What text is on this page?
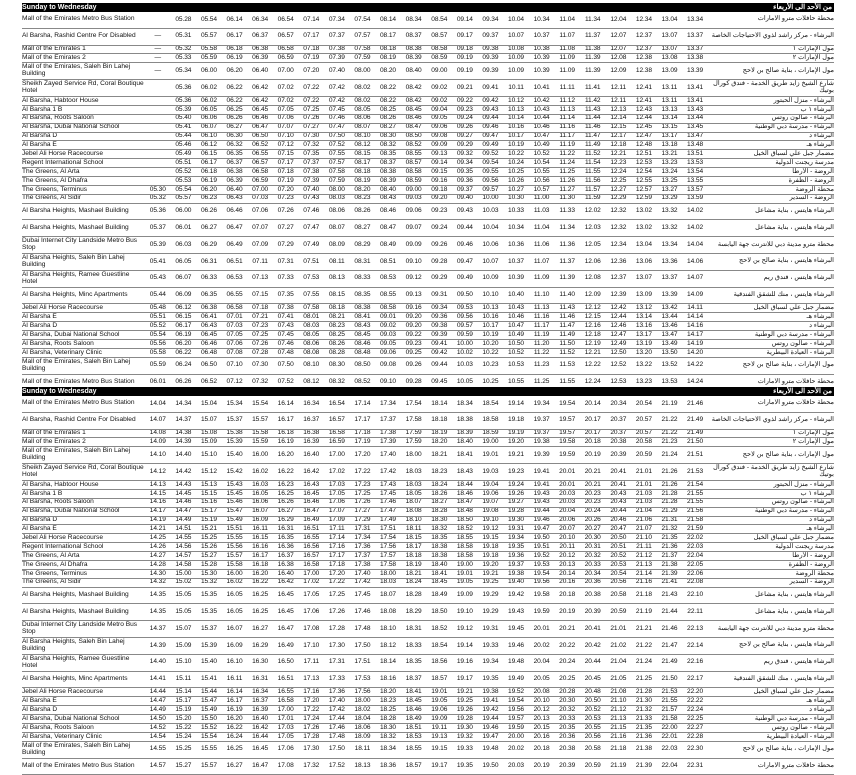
Sunday to Wednesday												من الأحد الى الأربعاء											
Mall of the Emirates Metro Bus Station		05.28	05.54	06.14	06.34	06.54	07.14	07.34	07.54	08.14	08.34	08.54	09.14	09.34	10.04	10.34	11.04	11.34	12.04	12.34	13.04	13.34	محطة حافلات مترو الامارات
Al Barsha, Rashid Centre For Disabled	—	05.31	05.57	06.17	06.37	06.57	07.17	07.37	07.57	08.17	08.37	08.57	09.17	09.37	10.07	10.37	11.07	11.37	12.07	12.37	13.07	13.37	البرشاء - مركز راشد لذوي الاحتياجات الخاصة
Mall of the Emirates 1	—	05.32	05.58	06.18	06.38	06.58	07.18	07.38	07.58	08.18	08.38	08.58	09.18	09.38	10.08	10.38	11.08	11.38	12.07	12.37	13.07	13.37	مول الإمارات ١
Mall of the Emirates 2	—	05.33	05.59	06.19	06.39	06.59	07.19	07.39	07.59	08.19	08.39	08.59	09.19	09.39	10.09	10.39	11.09	11.39	12.08	12.38	13.08	13.38	مول الإمارات ٢
Mall of the Emirates, Saleh Bin Lahej Building	—	05.34	06.00	06.20	06.40	07.00	07.20	07.40	08.00	08.20	08.40	09.00	09.19	09.39	10.09	10.39	11.09	11.39	12.09	12.38	13.09	13.39	مول الإمارات ، بناية صالح بن لاحج
Sheikh Zayed Service Rd, Coral Boutique Hotel		05.36	06.02	06.22	06.42	07.02	07.22	07.42	08.02	08.22	08.42	09.02	09.21	09.41	10.11	10.41	11.11	11.41	12.11	12.41	13.11	13.41	شارع الشيخ زايد طريق الخدمة - فندق كورال بوتيك
Al Barsha, Habtoor House		05.36	06.02	06.22	06.42	07.02	07.22	07.42	08.02	08.22	08.42	09.02	09.22	09.42	10.12	10.42	11.12	11.42	12.11	12.41	13.11	13.41	البرشاء - منزل الحبتور
Al Barsha 1 B		05.39	06.05	06.25	06.45	07.05	07.25	07.45	08.05	08.25	08.45	09.04	09.23	09.43	10.13	10.43	11.13	11.43	12.13	12.43	13.13	13.43	البرشاء ١ ب
Al Barsha, Roots Saloon		05.40	06.06	06.26	06.46	07.06	07.26	07.46	08.06	08.26	08.46	09.05	09.24	09.44	10.14	10.44	11.14	11.44	12.14	12.44	13.14	13.44	البرشاء - صالون روتس
Al Barsha, Dubai National School		05.41	06.07	06.27	06.47	07.07	07.27	07.47	08.07	08.27	08.47	09.06	09.26	09.46	10.16	10.46	11.16	11.46	12.15	12.45	13.15	13.45	البرشاء - مدرسة دبي الوطنية
Al Barsha D		05.44	06.10	06.30	06.50	07.10	07.30	07.50	08.10	08.30	08.50	09.08	09.27	09.47	10.17	10.47	11.17	11.47	12.17	12.47	13.17	13.47	البرشاء د
Al Barsha E		05.46	06.12	06.32	06.52	07.12	07.32	07.52	08.12	08.32	08.52	09.09	09.29	09.49	10.19	10.49	11.19	11.49	12.18	12.48	13.18	13.48	البرشاء هـ
Jebel Ali Horse Racecourse		05.49	06.15	06.35	06.55	07.15	07.35	07.55	08.15	08.35	08.55	09.13	09.32	09.52	10.22	10.52	11.22	11.52	12.21	12.51	13.21	13.51	مضمار جبل علي لسباق الخيل
Regent International School		05.51	06.17	06.37	06.57	07.17	07.37	07.57	08.17	08.37	08.57	09.14	09.34	09.54	10.24	10.54	11.24	11.54	12.23	12.53	13.23	13.53	مدرسة ريجنت الدولية
The Greens, Al Arta		05.52	06.18	06.38	06.58	07.18	07.38	07.58	08.18	08.38	08.58	09.15	09.35	09.55	10.25	10.55	11.25	11.55	12.24	12.54	13.24	13.54	الروضة - الأرطا
The Greens, Al Dhafra		05.53	06.19	06.39	06.59	07.19	07.39	07.59	08.19	08.39	08.59	09.16	09.36	09.56	10.26	10.56	11.26	11.56	12.25	12.55	13.25	13.55	الروضة - الظفرة
The Greens, Terminus	05.30	05.54	06.20	06.40	07.00	07.20	07.40	08.00	08.20	08.40	09.00	09.18	09.37	09.57	10.27	10.57	11.27	11.57	12.27	12.57	13.27	13.57	محطة الروضة
The Greens, Al Sidir	05.32	05.57	06.23	06.43	07.03	07.23	07.43	08.03	08.23	08.43	09.03	09.20	09.40	10.00	10.30	11.00	11.30	11.59	12.29	12.59	13.29	13.59	الروضة - السدير
Al Barsha Heights, Mashael Building	05.36	06.00	06.26	06.46	07.06	07.26	07.46	08.06	08.26	08.46	09.06	09.23	09.43	10.03	10.33	11.03	11.33	12.02	12.32	13.02	13.32	14.02	البرشاء هايتس ، بناية مشاعل
Al Barsha Heights, Mashael Building	05.37	06.01	06.27	06.47	07.07	07.27	07.47	08.07	08.27	08.47	09.07	09.24	09.44	10.04	10.34	11.04	11.34	12.03	12.32	13.02	13.32	14.02	البرشاء هايتس ، بناية مشاعل
Dubai Internet City Landside Metro Bus Stop	05.39	06.03	06.29	06.49	07.09	07.29	07.49	08.09	08.29	08.49	09.09	09.26	09.46	10.06	10.36	11.06	11.36	12.05	12.34	13.04	13.34	14.04	محطة مترو مدينة دبي للانترنت جهة اليابسة
Al Barsha Heights, Saleh Bin Lahej Building	05.41	06.05	06.31	06.51	07.11	07.31	07.51	08.11	08.31	08.51	09.10	09.28	09.47	10.07	10.37	11.07	11.37	12.06	12.36	13.06	13.36	14.06	البرشاء هايتس ، بناية صالح بن لاحج
Al Barsha Heights, Ramee Guestline Hotel	05.43	06.07	06.33	06.53	07.13	07.33	07.53	08.13	08.33	08.53	09.12	09.29	09.49	10.09	10.39	11.09	11.39	12.08	12.37	13.07	13.37	14.07	البرشاء هايتس ، فندق ريم
Al Barsha Heights, Minc Apartments	05.44	06.09	06.35	06.55	07.15	07.35	07.55	08.15	08.35	08.55	09.13	09.31	09.50	10.10	10.40	11.10	11.40	12.09	12.39	13.09	13.39	14.09	البرشاء هايتس ، منك للشقق الفندقية
Jebel Ali Horse Racecourse	05.48	06.12	06.38	06.58	07.18	07.38	07.58	08.18	08.38	08.58	09.16	09.34	09.53	10.13	10.43	11.13	11.43	12.12	12.42	13.12	13.42	14.11	مضمار جبل علي لسباق الخيل
Al Barsha E	05.51	06.15	06.41	07.01	07.21	07.41	08.01	08.21	08.41	09.01	09.20	09.36	09.56	10.16	10.46	11.16	11.46	12.15	12.44	13.14	13.44	14.14	البرشاء هـ
Al Barsha D	05.52	06.17	06.43	07.03	07.23	07.43	08.03	08.23	08.43	09.02	09.20	09.38	09.57	10.17	10.47	11.17	11.47	12.16	12.46	13.16	13.46	14.16	البرشاء د
Al Barsha, Dubai National School	05.54	06.19	06.45	07.05	07.25	07.45	08.05	08.25	08.45	09.03	09.22	09.39	09.59	10.19	10.49	11.19	11.49	12.18	12.47	13.17	13.47	14.17	البرشاء - مدرسة دبي الوطنية
Al Barsha, Roots Saloon	05.56	06.20	06.46	07.06	07.26	07.46	08.06	08.26	08.46	09.05	09.23	09.41	10.00	10.20	10.50	11.20	11.50	12.19	12.49	13.19	13.49	14.19	البرشاء - صالون روتس
Al Barsha, Veterinary Clinic	05.58	06.22	06.48	07.08	07.28	07.48	08.08	08.28	08.48	09.06	09.25	09.42	10.02	10.22	10.52	11.22	11.52	12.21	12.50	13.20	13.50	14.20	البرشاء - العيادة البيطرية
Mall of the Emirates, Saleh Bin Lahej Building	05.59	06.24	06.50	07.10	07.30	07.50	08.10	08.30	08.50	09.08	09.26	09.44	10.03	10.23	10.53	11.23	11.53	12.22	12.52	13.22	13.52	14.22	مول الإمارات ، بناية صالح بن لاحج
Mall of the Emirates Metro Bus Station	06.01	06.26	06.52	07.12	07.32	07.52	08.12	08.32	08.52	09.10	09.28	09.45	10.05	10.25	10.55	11.25	11.55	12.24	12.53	13.23	13.53	14.24	محطة حافلات مترو الامارات
Sunday to Wednesday												من الأحد الى الأربعاء											
Mall of the Emirates Metro Bus Station	14.04	14.34	15.04	15.34	15.54	16.14	16.34	16.54	17.14	17.34	17.54	18.14	18.34	18.54	19.14	19.34	19.54	20.14	20.34	20.54	21.19	21.46	محطة حافلات مترو الامارات
Al Barsha, Rashid Centre For Disabled	14.07	14.37	15.07	15.37	15.57	16.17	16.37	16.57	17.17	17.37	17.58	18.18	18.38	18.58	19.18	19.37	19.57	20.17	20.37	20.57	21.22	21.49	البرشاء - مركز راشد لذوي الاحتياجات الخاصة
Mall of the Emirates 1	14.08	14.38	15.08	15.38	15.58	16.18	16.38	16.58	17.18	17.38	17.59	18.19	18.39	18.59	19.19	19.37	19.57	20.17	20.37	20.57	21.22	21.49	مول الإمارات ١
Mall of the Emirates 2	14.09	14.39	15.09	15.39	15.59	16.19	16.39	16.59	17.19	17.39	17.59	18.20	18.40	19.00	19.20	19.38	19.58	20.18	20.38	20.58	21.23	21.50	مول الإمارات ٢
Mall of the Emirates, Saleh Bin Lahej Building	14.10	14.40	15.10	15.40	16.00	16.20	16.40	17.00	17.20	17.40	18.00	18.21	18.41	19.01	19.21	19.39	19.59	20.19	20.39	20.59	21.24	21.51	مول الإمارات ، بناية صالح بن لاحج
Sheikh Zayed Service Rd, Coral Boutique Hotel	14.12	14.42	15.12	15.42	16.02	16.22	16.42	17.02	17.22	17.42	18.03	18.23	18.43	19.03	19.23	19.41	20.01	20.21	20.41	21.01	21.26	21.53	شارع الشيخ زايد طريق الخدمة - فندق كورال بوتيك
Al Barsha, Habtoor House	14.13	14.43	15.13	15.43	16.03	16.23	16.43	17.03	17.23	17.43	18.03	18.24	18.44	19.04	19.24	19.41	20.01	20.21	20.41	21.01	21.26	21.54	البرشاء - منزل الحبتور
Al Barsha 1 B	14.15	14.45	15.15	15.45	16.05	16.25	16.45	17.05	17.25	17.45	18.05	18.26	18.46	19.06	19.26	19.43	20.03	20.23	20.43	21.03	21.28	21.55	البرشاء ١ ب
Al Barsha, Roots Saloon	14.16	14.46	15.16	15.46	16.06	16.26	16.46	17.06	17.26	17.46	18.07	18.27	18.47	19.07	19.27	19.43	20.03	20.23	20.43	21.03	21.28	21.55	البرشاء - صالون روتس
Al Barsha, Dubai National School	14.17	14.47	15.17	15.47	16.07	16.27	16.47	17.07	17.27	17.47	18.08	18.28	18.48	19.08	19.28	19.44	20.04	20.24	20.44	21.04	21.29	21.56	البرشاء - مدرسة دبي الوطنية
Al Barsha D	14.19	14.49	15.19	15.49	16.09	16.29	16.49	17.09	17.29	17.49	18.10	18.30	18.50	19.10	19.30	19.46	20.06	20.26	20.46	21.06	21.31	21.58	البرشاء د
Al Barsha E	14.21	14.51	15.21	15.51	16.11	16.31	16.51	17.11	17.31	17.51	18.11	18.32	18.52	19.12	19.31	19.47	20.07	20.27	20.47	21.07	21.32	21.59	البرشاء هـ
Jebel Ali Horse Racecourse	14.25	14.55	15.25	15.55	16.15	16.35	16.55	17.14	17.34	17.54	18.15	18.35	18.55	19.15	19.34	19.50	20.10	20.30	20.50	21.10	21.35	22.02	مضمار جبل علي لسباق الخيل
Regent International School	14.26	14.56	15.26	15.56	16.16	16.36	16.56	17.16	17.36	17.56	18.17	18.38	18.58	19.18	19.35	19.51	20.11	20.31	20.51	21.11	21.36	22.03	مدرسة ريجنت الدولية
The Greens, Al Arta	14.27	14.57	15.27	15.57	16.17	16.37	16.57	17.17	17.37	17.57	18.18	18.38	18.58	19.18	19.36	19.52	20.12	20.32	20.52	21.12	21.37	22.04	الروضة - الأرطا
The Greens, Al Dhafra	14.28	14.58	15.28	15.58	16.18	16.38	16.58	17.18	17.38	17.58	18.19	18.40	19.00	19.20	19.37	19.53	20.13	20.33	20.53	21.13	21.38	22.05	الروضة - الظفرة
The Greens, Terminus	14.30	15.00	15.30	16.00	16.20	16.40	17.00	17.20	17.40	18.00	18.21	18.41	19.01	19.21	19.38	19.54	20.14	20.34	20.54	21.14	21.39	22.06	محطة الروضة
The Greens, Al Sidir	14.32	15.02	15.32	16.02	16.22	16.42	17.02	17.22	17.42	18.03	18.24	18.45	19.05	19.25	19.40	19.56	20.16	20.36	20.56	21.16	21.41	22.08	الروضة - السدير
Al Barsha Heights, Mashael Building	14.35	15.05	15.35	16.05	16.25	16.45	17.05	17.25	17.45	18.07	18.28	18.49	19.09	19.29	19.42	19.58	20.18	20.38	20.58	21.18	21.43	22.10	البرشاء هايتس ، بناية مشاعل
Al Barsha Heights, Mashael Building	14.35	15.05	15.35	16.05	16.25	16.45	17.06	17.26	17.46	18.08	18.29	18.50	19.10	19.29	19.43	19.59	20.19	20.39	20.59	21.19	21.44	22.11	البرشاء هايتس ، بناية مشاعل
Dubai Internet City Landside Metro Bus Stop	14.37	15.07	15.37	16.07	16.27	16.47	17.08	17.28	17.48	18.10	18.31	18.52	19.12	19.31	19.45	20.01	20.21	20.41	21.01	21.21	21.46	22.13	محطة مترو مدينة دبي للانترنت جهة اليابسة
Al Barsha Heights, Saleh Bin Lahej Building	14.39	15.09	15.39	16.09	16.29	16.49	17.10	17.30	17.50	18.12	18.33	18.54	19.14	19.33	19.46	20.02	20.22	20.42	21.02	21.22	21.47	22.14	البرشاء هايتس ، بناية صالح بن لاحج
Al Barsha Heights, Ramee Guestline Hotel	14.40	15.10	15.40	16.10	16.30	16.50	17.11	17.31	17.51	18.14	18.35	18.56	19.16	19.34	19.48	20.04	20.24	20.44	21.04	21.24	21.49	22.16	البرشاء هايتس ، فندق ريم
Al Barsha Heights, Minc Apartments	14.41	15.11	15.41	16.11	16.31	16.51	17.13	17.33	17.53	18.16	18.37	18.57	19.17	19.35	19.49	20.05	20.25	20.45	21.05	21.25	21.50	22.17	البرشاء هايتس ، منك للشقق الفندقية
Jebel Ali Horse Racecourse	14.44	15.14	15.44	16.14	16.34	16.55	17.16	17.36	17.56	18.20	18.41	19.01	19.21	19.38	19.52	20.08	20.28	20.48	21.08	21.28	21.53	22.20	مضمار جبل علي لسباق الخيل
Al Barsha E	14.47	15.17	15.47	16.17	16.37	16.58	17.20	17.40	18.00	18.23	18.45	19.05	19.25	19.41	19.54	20.10	20.30	20.50	21.10	21.30	21.55	22.22	البرشاء هـ
Al Barsha D	14.49	15.19	15.49	16.19	16.39	17.00	17.22	17.42	18.02	18.25	18.46	19.06	19.26	19.42	19.56	20.12	20.32	20.52	21.12	21.32	21.57	22.24	البرشاء د
Al Barsha, Dubai National School	14.50	15.20	15.50	16.20	16.40	17.01	17.24	17.44	18.04	18.28	18.49	19.09	19.28	19.44	19.57	20.13	20.33	20.53	21.13	21.33	21.58	22.25	البرشاء - مدرسة دبي الوطنية
Al Barsha, Roots Saloon	14.52	15.22	15.52	16.22	16.42	17.03	17.26	17.46	18.06	18.30	18.51	19.11	19.30	19.46	19.59	20.15	20.35	20.55	21.15	21.35	22.00	22.27	البرشاء - صالون روتس
Al Barsha, Veterinary Clinic	14.54	15.24	15.54	16.24	16.44	17.05	17.28	17.48	18.09	18.32	18.53	19.13	19.32	19.47	20.00	20.16	20.36	20.56	21.16	21.36	22.01	22.28	البرشاء - العيادة البيطرية
Mall of the Emirates, Saleh Bin Lahej Building	14.55	15.25	15.55	16.25	16.45	17.06	17.30	17.50	18.11	18.34	18.55	19.15	19.33	19.48	20.02	20.18	20.38	20.58	21.18	21.38	22.03	22.30	مول الإمارات ، بناية صالح بن لاحج
Mall of the Emirates Metro Bus Station	14.57	15.27	15.57	16.27	16.47	17.08	17.32	17.52	18.13	18.36	18.57	19.17	19.35	19.50	20.03	20.19	20.39	20.59	21.19	21.39	22.04	22.31	محطة حافلات مترو الامارات
